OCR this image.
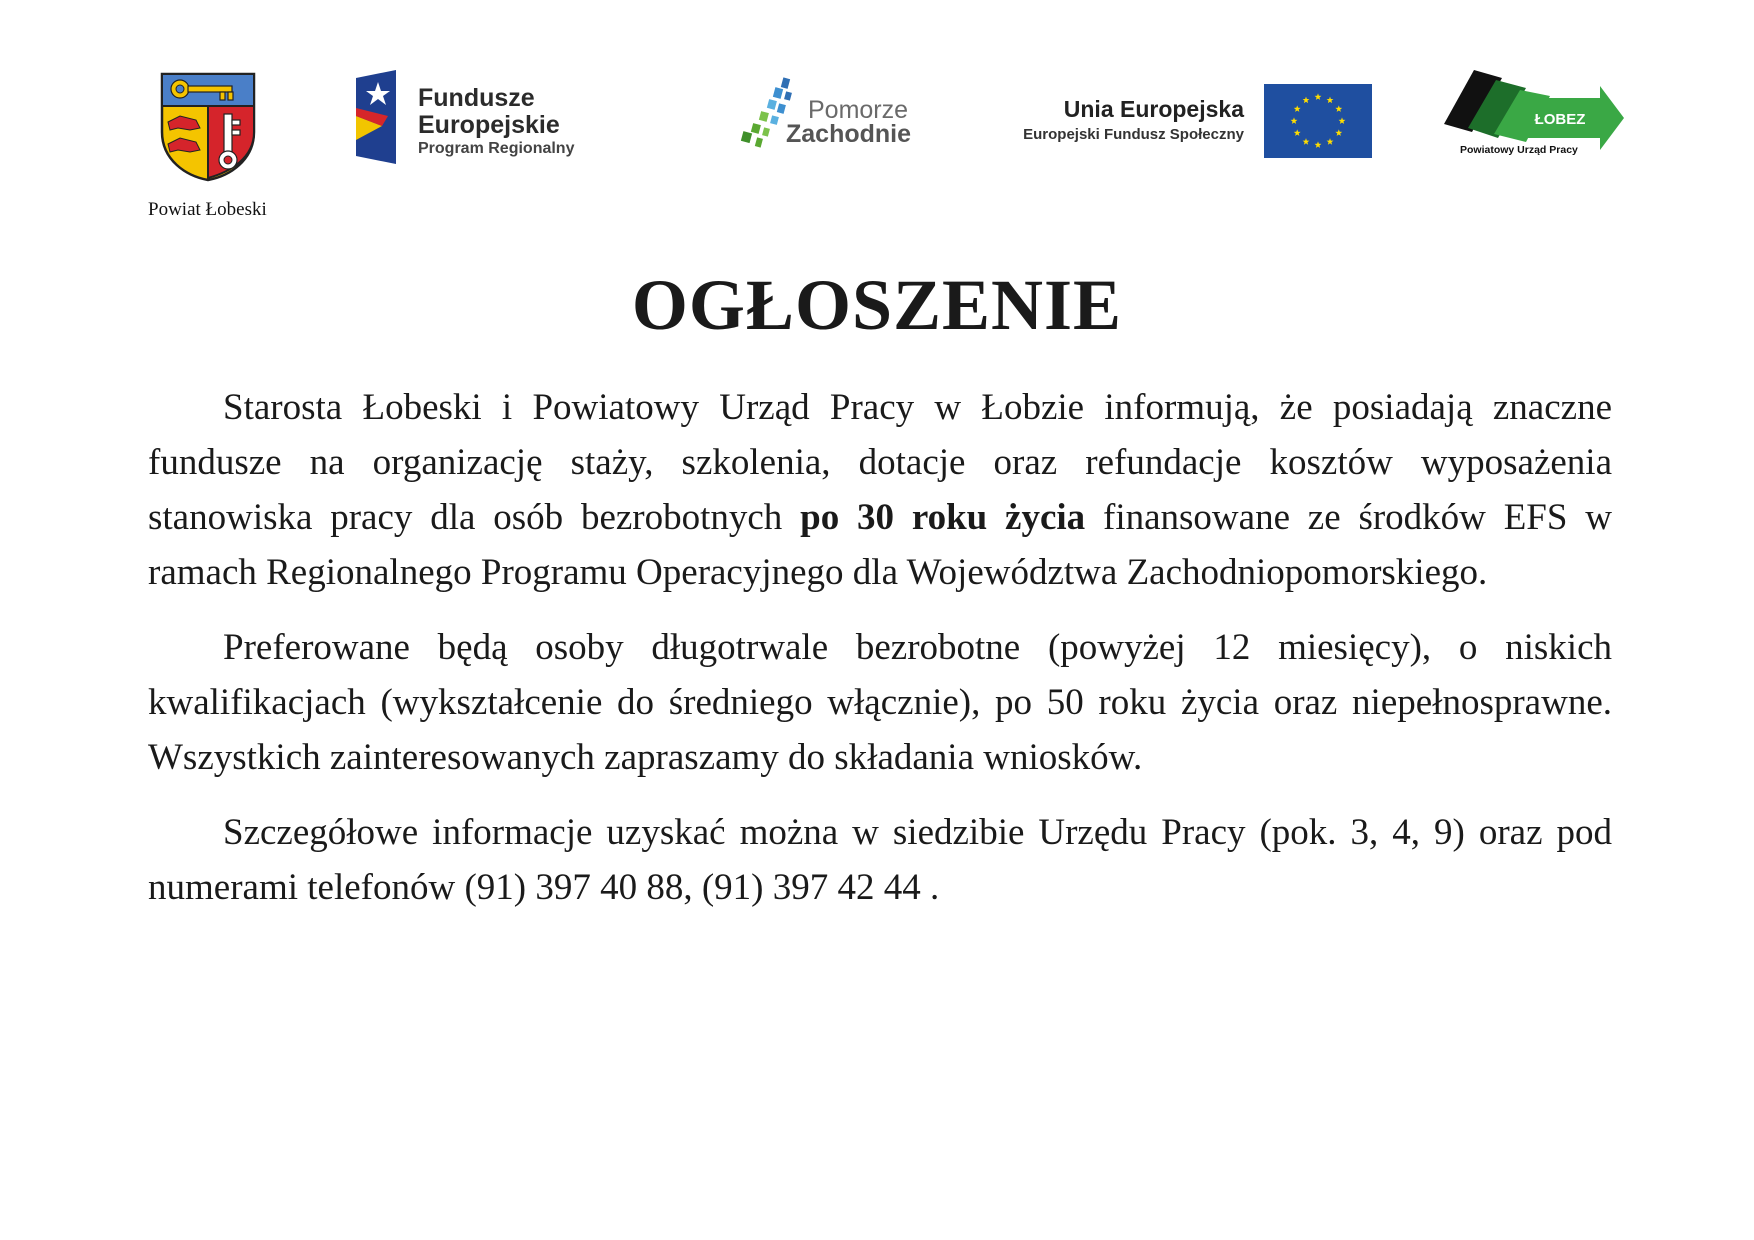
Powiat Łobeski
Fundusze
Europejskie
Program Regionalny
Pomorze
Zachodnie
Unia Europejska
Europejski Fundusz Społeczny
ŁOBEZ
Powiatowy Urząd Pracy
OGŁOSZENIE

Starosta Łobeski i Powiatowy Urząd Pracy w Łobzie informują, że posiadają znaczne fundusze na organizację staży, szkolenia, dotacje oraz refundacje kosztów wyposażenia stanowiska pracy dla osób bezrobotnych po 30 roku życia finansowane ze środków EFS w ramach Regionalnego Programu Operacyjnego dla Województwa Zachodniopomorskiego.

Preferowane będą osoby długotrwale bezrobotne (powyżej 12 miesięcy), o niskich kwalifikacjach (wykształcenie do średniego włącznie), po 50 roku życia oraz niepełnosprawne. Wszystkich zainteresowanych zapraszamy do składania wniosków.

Szczegółowe informacje uzyskać można w siedzibie Urzędu Pracy (pok. 3, 4, 9) oraz pod numerami telefonów (91) 397 40 88, (91) 397 42 44 .
